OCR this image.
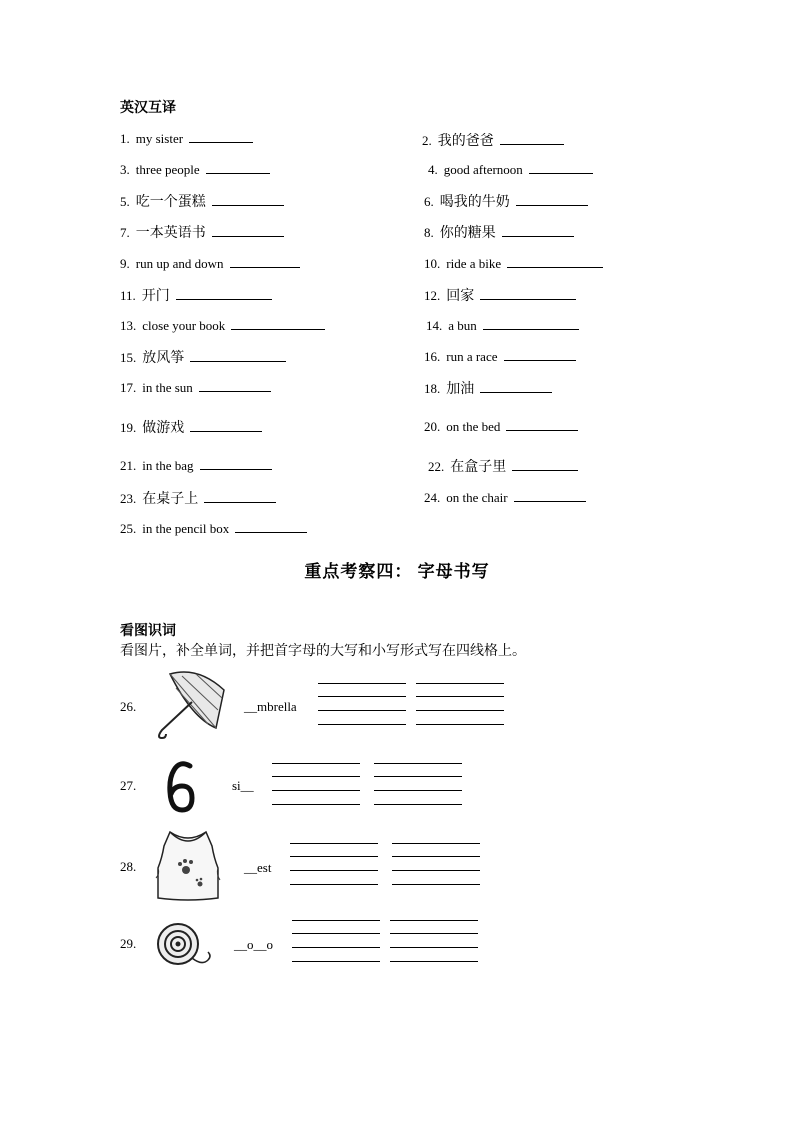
英汉互译
1. my sister
3. three people
5. 吃一个蛋糕
7. 一本英语书
9. run up and down
11. 开门
13. close your book
15. 放风筝
17. in the sun
19. 做游戏
21. in the bag
23. 在桌子上
25. in the pencil box
2. 我的爸爸
4. good afternoon
6. 喝我的牛奶
8. 你的糖果
10. ride a bike
12. 回家
14. a bun
16. run a race
18. 加油
20. on the bed
22. 在盒子里
24. on the chair
重点考察四： 字母书写
看图识词
看图片，补全单词，并把首字母的大写和小写形式写在四线格上。
26.	__mbrella
27.	si__
28.	__est
29.	__o__o
